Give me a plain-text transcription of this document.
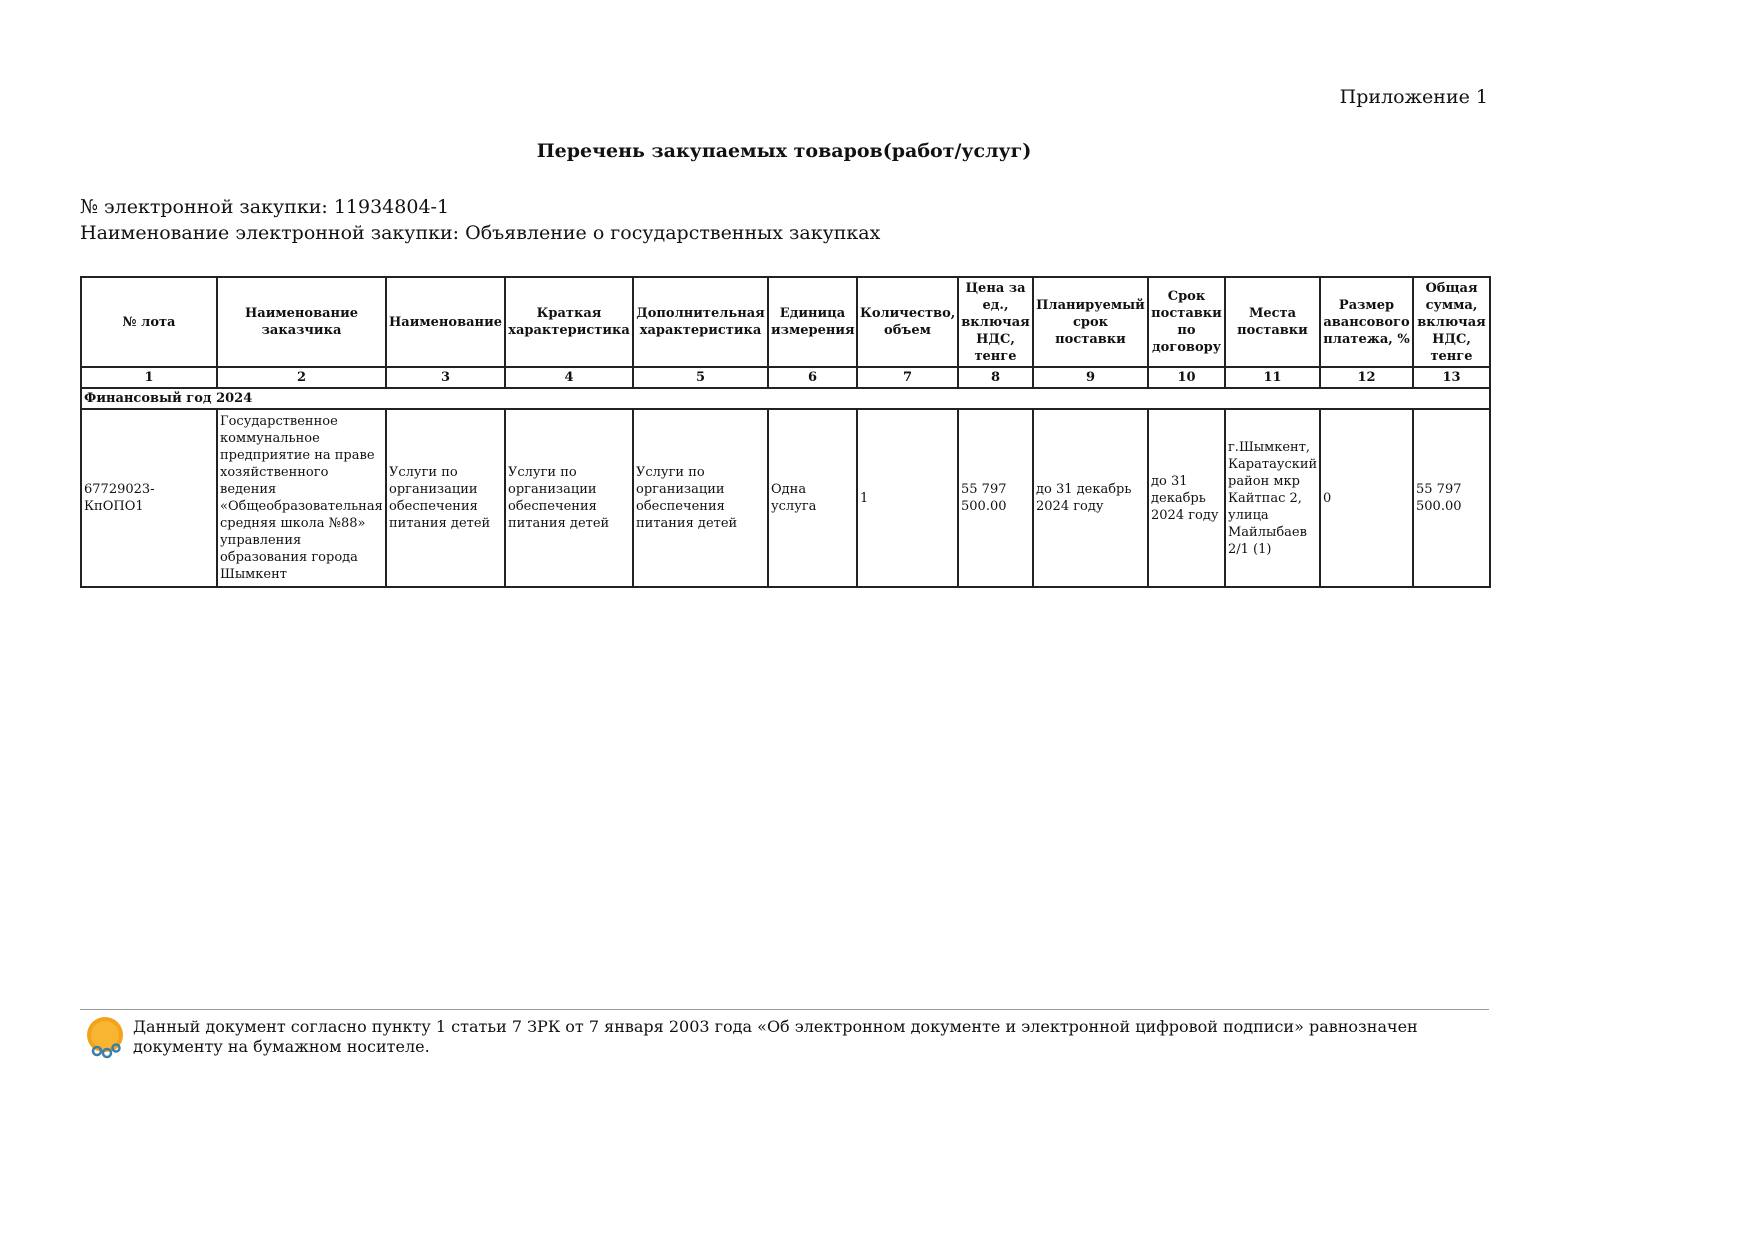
Приложение 1
Перечень закупаемых товаров(работ/услуг)
№ электронной закупки: 11934804-1
Наименование электронной закупки: Объявление о государственных закупках
№ лота	Наименование заказчика	Наименование	Краткая характеристика	Дополнительная характеристика	Единица измерения	Количество, объем	Цена за ед., включая НДС, тенге	Планируемый срок поставки	Срок поставки по договору	Места поставки	Размер авансового платежа, %	Общая сумма, включая НДС, тенге
1	2	3	4	5	6	7	8	9	10	11	12	13
Финансовый год 2024												
67729023-КпОПО1	Государственное коммунальное предприятие на праве хозяйственного ведения «Общеобразовательная средняя школа №88» управления образования города Шымкент	Услуги по организации обеспечения питания детей	Услуги по организации обеспечения питания детей	Услуги по организации обеспечения питания детей	Одна услуга	1	55 797 500.00	до 31 декабрь 2024 году	до 31 декабрь 2024 году	г.Шымкент, Каратауский район мкр Кайтпас 2, улица Майлыбаев 2/1 (1)	0	55 797 500.00
Данный документ согласно пункту 1 статьи 7 ЗРК от 7 января 2003 года «Об электронном документе и электронной цифровой подписи» равнозначен документу на бумажном носителе.
